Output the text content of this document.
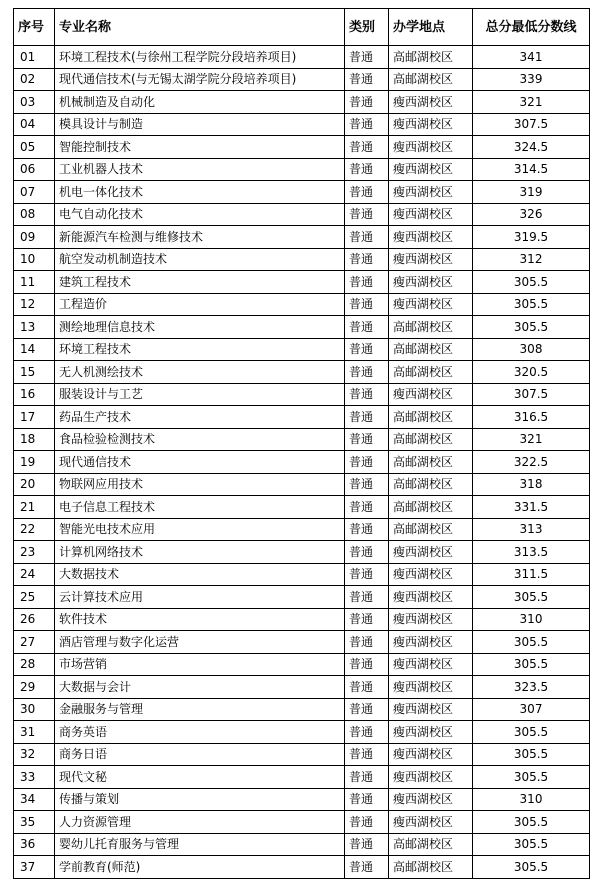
序号	专业名称	类别	办学地点	总分最低分数线
01	环境工程技术(与徐州工程学院分段培养项目)	普通	高邮湖校区	341
02	现代通信技术(与无锡太湖学院分段培养项目)	普通	高邮湖校区	339
03	机械制造及自动化	普通	瘦西湖校区	321
04	模具设计与制造	普通	瘦西湖校区	307.5
05	智能控制技术	普通	瘦西湖校区	324.5
06	工业机器人技术	普通	瘦西湖校区	314.5
07	机电一体化技术	普通	瘦西湖校区	319
08	电气自动化技术	普通	瘦西湖校区	326
09	新能源汽车检测与维修技术	普通	瘦西湖校区	319.5
10	航空发动机制造技术	普通	瘦西湖校区	312
11	建筑工程技术	普通	瘦西湖校区	305.5
12	工程造价	普通	瘦西湖校区	305.5
13	测绘地理信息技术	普通	高邮湖校区	305.5
14	环境工程技术	普通	高邮湖校区	308
15	无人机测绘技术	普通	高邮湖校区	320.5
16	服装设计与工艺	普通	瘦西湖校区	307.5
17	药品生产技术	普通	高邮湖校区	316.5
18	食品检验检测技术	普通	高邮湖校区	321
19	现代通信技术	普通	高邮湖校区	322.5
20	物联网应用技术	普通	高邮湖校区	318
21	电子信息工程技术	普通	高邮湖校区	331.5
22	智能光电技术应用	普通	高邮湖校区	313
23	计算机网络技术	普通	瘦西湖校区	313.5
24	大数据技术	普通	瘦西湖校区	311.5
25	云计算技术应用	普通	瘦西湖校区	305.5
26	软件技术	普通	瘦西湖校区	310
27	酒店管理与数字化运营	普通	瘦西湖校区	305.5
28	市场营销	普通	瘦西湖校区	305.5
29	大数据与会计	普通	瘦西湖校区	323.5
30	金融服务与管理	普通	瘦西湖校区	307
31	商务英语	普通	瘦西湖校区	305.5
32	商务日语	普通	瘦西湖校区	305.5
33	现代文秘	普通	瘦西湖校区	305.5
34	传播与策划	普通	瘦西湖校区	310
35	人力资源管理	普通	瘦西湖校区	305.5
36	婴幼儿托育服务与管理	普通	高邮湖校区	305.5
37	学前教育(师范)	普通	高邮湖校区	305.5
